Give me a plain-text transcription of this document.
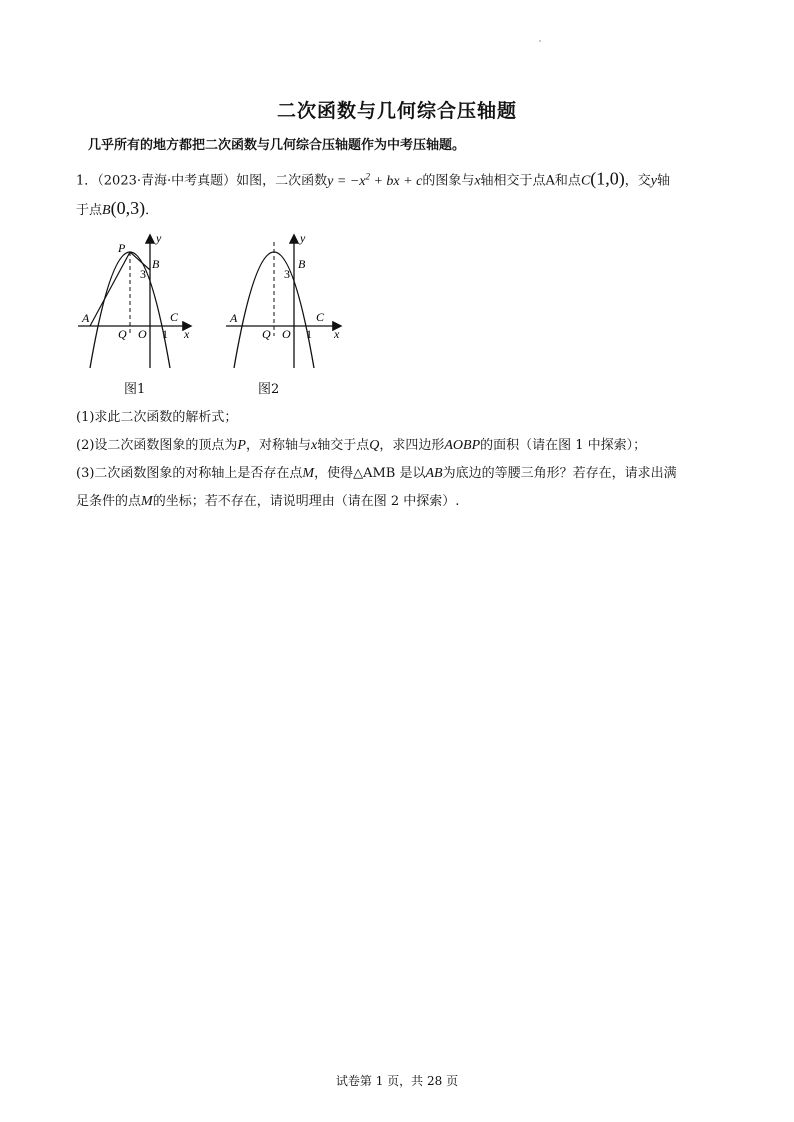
二次函数与几何综合压轴题
几乎所有的地方都把二次函数与几何综合压轴题作为中考压轴题。
1．（2023·青海·中考真题）如图，二次函数$y = -x^2$ + bx + c的图象与x轴相交于点A和点C(1,0)，交y轴
于点B(0,3)．
P
B
3
A	C
Q O 1 x
y
B
3
A	C
Q O 1 x
y
图1	图2
(1)求此二次函数的解析式；
(2)设二次函数图象的顶点为P，对称轴与x轴交于点Q，求四边形AOBP的面积（请在图 1 中探索）；
(3)二次函数图象的对称轴上是否存在点M，使得△AMB 是以AB为底边的等腰三角形？若存在，请求出满
足条件的点M的坐标；若不存在，请说明理由（请在图 2 中探索）.
试卷第 1 页，共 28 页
